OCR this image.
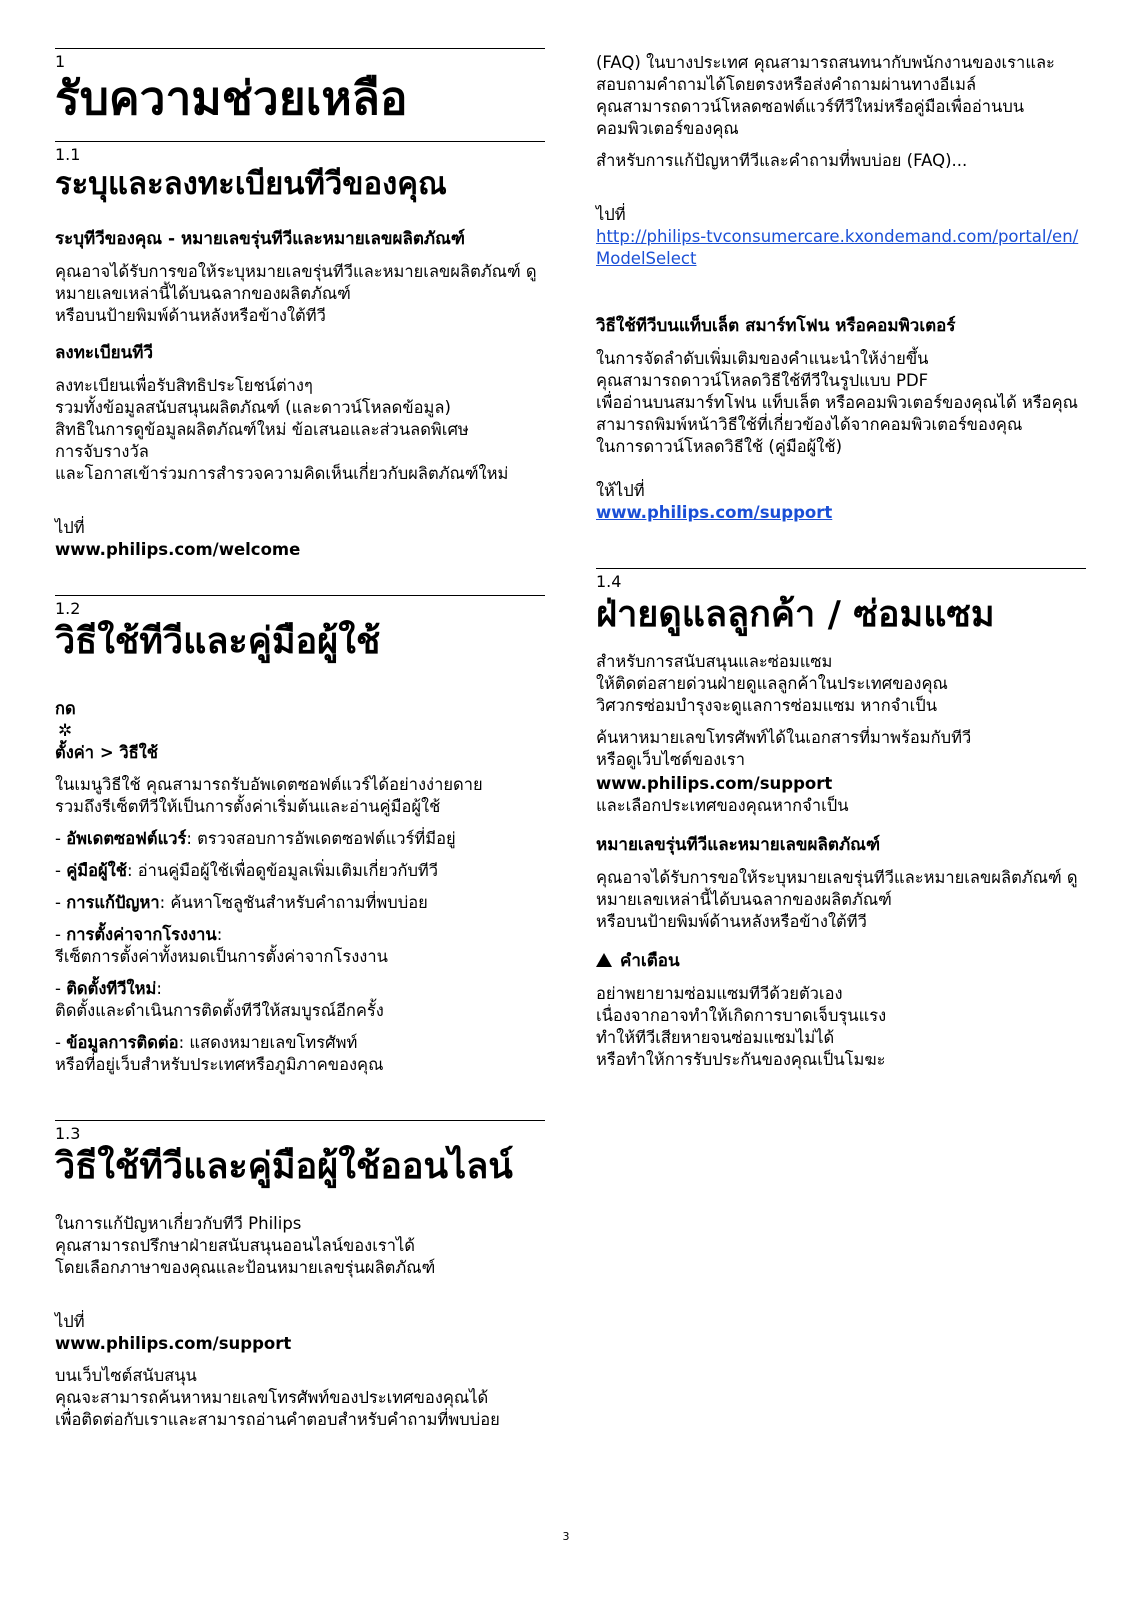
1
รับความช่วยเหลือ
1.1
ระบุและลงทะเบียนทีวีของคุณ
ระบุทีวีของคุณ - หมายเลขรุ่นทีวีและหมายเลขผลิตภัณฑ์
คุณอาจได้รับการขอให้ระบุหมายเลขรุ่นทีวีและหมายเลขผลิตภัณฑ์ ดูหมายเลขเหล่านี้ได้บนฉลากของผลิตภัณฑ์
หรือบนป้ายพิมพ์ด้านหลังหรือข้างใต้ทีวี
ลงทะเบียนทีวี
ลงทะเบียนเพื่อรับสิทธิประโยชน์ต่างๆ
รวมทั้งข้อมูลสนับสนุนผลิตภัณฑ์ (และดาวน์โหลดข้อมูล)
สิทธิในการดูข้อมูลผลิตภัณฑ์ใหม่ ข้อเสนอและส่วนลดพิเศษ
การจับรางวัล
และโอกาสเข้าร่วมการสำรวจความคิดเห็นเกี่ยวกับผลิตภัณฑ์ใหม่

ไปที่
www.philips.com/welcome

1.2
วิธีใช้ทีวีและคู่มือผู้ใช้

กด
✲
ตั้งค่า > วิธีใช้

ในเมนูวิธีใช้ คุณสามารถรับอัพเดตซอฟต์แวร์ได้อย่างง่ายดาย
รวมถึงรีเซ็ตทีวีให้เป็นการตั้งค่าเริ่มต้นและอ่านคู่มือผู้ใช้
- อัพเดตซอฟต์แวร์: ตรวจสอบการอัพเดตซอฟต์แวร์ที่มีอยู่
- คู่มือผู้ใช้: อ่านคู่มือผู้ใช้เพื่อดูข้อมูลเพิ่มเติมเกี่ยวกับทีวี
- การแก้ปัญหา: ค้นหาโซลูชันสำหรับคำถามที่พบบ่อย
- การตั้งค่าจากโรงงาน:
รีเซ็ตการตั้งค่าทั้งหมดเป็นการตั้งค่าจากโรงงาน
- ติดตั้งทีวีใหม่:
ติดตั้งและดำเนินการติดตั้งทีวีให้สมบูรณ์อีกครั้ง
- ข้อมูลการติดต่อ: แสดงหมายเลขโทรศัพท์
หรือที่อยู่เว็บสำหรับประเทศหรือภูมิภาคของคุณ
1.3
วิธีใช้ทีวีและคู่มือผู้ใช้ออนไลน์
ในการแก้ปัญหาเกี่ยวกับทีวี Philips
คุณสามารถปรึกษาฝ่ายสนับสนุนออนไลน์ของเราได้
โดยเลือกภาษาของคุณและป้อนหมายเลขรุ่นผลิตภัณฑ์

ไปที่
www.philips.com/support

บนเว็บไซต์สนับสนุน
คุณจะสามารถค้นหาหมายเลขโทรศัพท์ของประเทศของคุณได้
เพื่อติดต่อกับเราและสามารถอ่านคำตอบสำหรับคำถามที่พบบ่อย
(FAQ) ในบางประเทศ คุณสามารถสนทนากับพนักงานของเราและสอบถามคำถามได้โดยตรงหรือส่งคำถามผ่านทางอีเมล์
คุณสามารถดาวน์โหลดซอฟต์แวร์ทีวีใหม่หรือคู่มือเพื่ออ่านบนคอมพิวเตอร์ของคุณ
สำหรับการแก้ปัญหาทีวีและคำถามที่พบบ่อย (FAQ)...

ไปที่
http://philips-tvconsumercare.kxondemand.com/portal/en/ModelSelect

วิธีใช้ทีวีบนแท็บเล็ต สมาร์ทโฟน หรือคอมพิวเตอร์
ในการจัดลำดับเพิ่มเติมของคำแนะนำให้ง่ายขึ้น
คุณสามารถดาวน์โหลดวิธีใช้ทีวีในรูปแบบ PDF
เพื่ออ่านบนสมาร์ทโฟน แท็บเล็ต หรือคอมพิวเตอร์ของคุณได้ หรือคุณสามารถพิมพ์หน้าวิธีใช้ที่เกี่ยวข้องได้จากคอมพิวเตอร์ของคุณ
ในการดาวน์โหลดวิธีใช้ (คู่มือผู้ใช้)

ให้ไปที่
www.philips.com/support

1.4
ฝ่ายดูแลลูกค้า / ซ่อมแซม
สำหรับการสนับสนุนและซ่อมแซม
ให้ติดต่อสายด่วนฝ่ายดูแลลูกค้าในประเทศของคุณ
วิศวกรซ่อมบำรุงจะดูแลการซ่อมแซม หากจำเป็น
ค้นหาหมายเลขโทรศัพท์ได้ในเอกสารที่มาพร้อมกับทีวี
หรือดูเว็บไซต์ของเรา
www.philips.com/support
และเลือกประเทศของคุณหากจำเป็น
หมายเลขรุ่นทีวีและหมายเลขผลิตภัณฑ์
คุณอาจได้รับการขอให้ระบุหมายเลขรุ่นทีวีและหมายเลขผลิตภัณฑ์ ดูหมายเลขเหล่านี้ได้บนฉลากของผลิตภัณฑ์
หรือบนป้ายพิมพ์ด้านหลังหรือข้างใต้ทีวี
คำเตือน
อย่าพยายามซ่อมแซมทีวีด้วยตัวเอง
เนื่องจากอาจทำให้เกิดการบาดเจ็บรุนแรง
ทำให้ทีวีเสียหายจนซ่อมแซมไม่ได้
หรือทำให้การรับประกันของคุณเป็นโมฆะ
3
